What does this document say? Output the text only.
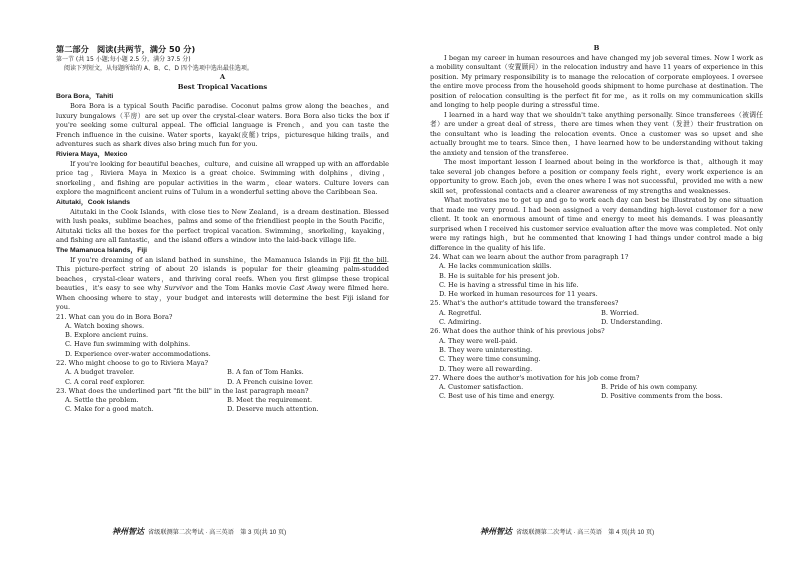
第二部分　阅读(共两节，满分 50 分)
第一节 (共 15 小题;每小题 2.5 分，满分 37.5 分)
阅读下列短文，从每题所给的 A、B、C、D 四个选项中选出最佳选项。
A
Best Tropical Vacations
Bora Bora，Tahiti
Bora Bora is a typical South Pacific paradise. Coconut palms grow along the beaches，and luxury bungalows（平房）are set up over the crystal-clear waters. Bora Bora also ticks the box if you're seeking some cultural appeal. The official language is French，and you can taste the French influence in the cuisine. Water sports，kayak(皮艇) trips，picturesque hiking trails，and adventures such as shark dives also bring much fun for you.
Riviera Maya，Mexico
If you're looking for beautiful beaches，culture，and cuisine all wrapped up with an affordable price tag，Riviera Maya in Mexico is a great choice. Swimming with dolphins，diving，snorkeling，and fishing are popular activities in the warm，clear waters. Culture lovers can explore the magnificent ancient ruins of Tulum in a wonderful setting above the Caribbean Sea.
Aitutaki，Cook Islands
Aitutaki in the Cook Islands，with close ties to New Zealand，is a dream destination. Blessed with lush peaks，sublime beaches，palms and some of the friendliest people in the South Pacific，Aitutaki ticks all the boxes for the perfect tropical vacation. Swimming，snorkeling，kayaking，and fishing are all fantastic，and the island offers a window into the laid-back village life.
The Mamanuca Islands，Fiji
If you're dreaming of an island bathed in sunshine，the Mamanuca Islands in Fiji fit the bill. This picture-perfect string of about 20 islands is popular for their gleaming palm-studded beaches，crystal-clear waters，and thriving coral reefs. When you first glimpse these tropical beauties，it's easy to see why Survivor and the Tom Hanks movie Cast Away were filmed here. When choosing where to stay，your budget and interests will determine the best Fiji island for you.
21. What can you do in Bora Bora?
A. Watch boxing shows.
B. Explore ancient ruins.
C. Have fun swimming with dolphins.
D. Experience over-water accommodations.
22. Who might choose to go to Riviera Maya?
A. A budget traveler.	B. A fan of Tom Hanks.
C. A coral reef explorer.	D. A French cuisine lover.
23. What does the underlined part "fit the bill" in the last paragraph mean?
A. Settle the problem.	B. Meet the requirement.
C. Make for a good match.	D. Deserve much attention.
神州智达 省级联测第二次考试 · 高三英语　第 3 页(共 10 页)
B
I began my career in human resources and have changed my job several times. Now I work as a mobility consultant（安置顾问）in the relocation industry and have 11 years of experience in this position. My primary responsibility is to manage the relocation of corporate employees. I oversee the entire move process from the household goods shipment to home purchase at destination. The position of relocation consulting is the perfect fit for me，as it rolls on my communication skills and longing to help people during a stressful time.
I learned in a hard way that we shouldn't take anything personally. Since transferees（被调任者）are under a great deal of stress，there are times when they vent（发泄）their frustration on the consultant who is leading the relocation events. Once a customer was so upset and she actually brought me to tears. Since then，I have learned how to be understanding without taking the anxiety and tension of the transferee.
The most important lesson I learned about being in the workforce is that，although it may take several job changes before a position or company feels right，every work experience is an opportunity to grow. Each job，even the ones where I was not successful，provided me with a new skill set，professional contacts and a clearer awareness of my strengths and weaknesses.
What motivates me to get up and go to work each day can best be illustrated by one situation that made me very proud. I had been assigned a very demanding high-level customer for a new client. It took an enormous amount of time and energy to meet his demands. I was pleasantly surprised when I received his customer service evaluation after the move was completed. Not only were my ratings high，but he commented that knowing I had things under control made a big difference in the quality of his life.
24. What can we learn about the author from paragraph 1?
A. He lacks communication skills.
B. He is suitable for his present job.
C. He is having a stressful time in his life.
D. He worked in human resources for 11 years.
25. What's the author's attitude toward the transferees?
A. Regretful.	B. Worried.
C. Admiring.	D. Understanding.
26. What does the author think of his previous jobs?
A. They were well-paid.
B. They were uninteresting.
C. They were time consuming.
D. They were all rewarding.
27. Where does the author's motivation for his job come from?
A. Customer satisfaction.	B. Pride of his own company.
C. Best use of his time and energy.	D. Positive comments from the boss.
神州智达 省级联测第二次考试 · 高三英语　第 4 页(共 10 页)
